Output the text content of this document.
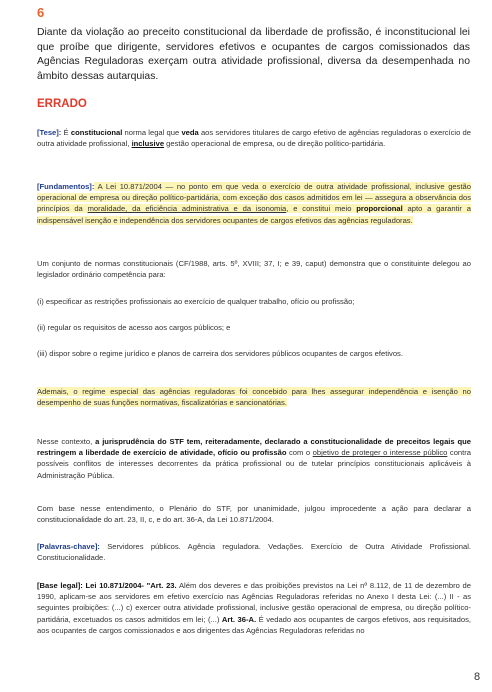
6
Diante da violação ao preceito constitucional da liberdade de profissão, é inconstitucional lei que proíbe que dirigente, servidores efetivos e ocupantes de cargos comissionados das Agências Reguladoras exerçam outra atividade profissional, diversa da desempenhada no âmbito dessas autarquias.
ERRADO
[Tese]: É constitucional norma legal que veda aos servidores titulares de cargo efetivo de agências reguladoras o exercício de outra atividade profissional, inclusive gestão operacional de empresa, ou de direção político-partidária.
[Fundamentos]: A Lei 10.871/2004 — no ponto em que veda o exercício de outra atividade profissional, inclusive gestão operacional de empresa ou direção político-partidária, com exceção dos casos admitidos em lei — assegura a observância dos princípios da moralidade, da eficiência administrativa e da isonomia, e constitui meio proporcional apto a garantir a indispensável isenção e independência dos servidores ocupantes de cargos efetivos das agências reguladoras.
Um conjunto de normas constitucionais (CF/1988, arts. 5º, XVIII; 37, I; e 39, caput) demonstra que o constituinte delegou ao legislador ordinário competência para:
(i) especificar as restrições profissionais ao exercício de qualquer trabalho, ofício ou profissão;
(ii) regular os requisitos de acesso aos cargos públicos; e
(iii) dispor sobre o regime jurídico e planos de carreira dos servidores públicos ocupantes de cargos efetivos.
Ademais, o regime especial das agências reguladoras foi concebido para lhes assegurar independência e isenção no desempenho de suas funções normativas, fiscalizatórias e sancionatórias.
Nesse contexto, a jurisprudência do STF tem, reiteradamente, declarado a constitucionalidade de preceitos legais que restringem a liberdade de exercício de atividade, ofício ou profissão com o objetivo de proteger o interesse público contra possíveis conflitos de interesses decorrentes da prática profissional ou de tutelar princípios constitucionais aplicáveis à Administração Pública.
Com base nesse entendimento, o Plenário do STF, por unanimidade, julgou improcedente a ação para declarar a constitucionalidade do art. 23, II, c, e do art. 36-A, da Lei 10.871/2004.
[Palavras-chave]: Servidores públicos. Agência reguladora. Vedações. Exercício de Outra Atividade Profissional. Constitucionalidade.
[Base legal]: Lei 10.871/2004- "Art. 23. Além dos deveres e das proibições previstos na Lei nº 8.112, de 11 de dezembro de 1990, aplicam-se aos servidores em efetivo exercício nas Agências Reguladoras referidas no Anexo I desta Lei: (...) II - as seguintes proibições: (...) c) exercer outra atividade profissional, inclusive gestão operacional de empresa, ou direção político-partidária, excetuados os casos admitidos em lei; (...) Art. 36-A. É vedado aos ocupantes de cargos efetivos, aos requisitados, aos ocupantes de cargos comissionados e aos dirigentes das Agências Reguladoras referidas no
8
